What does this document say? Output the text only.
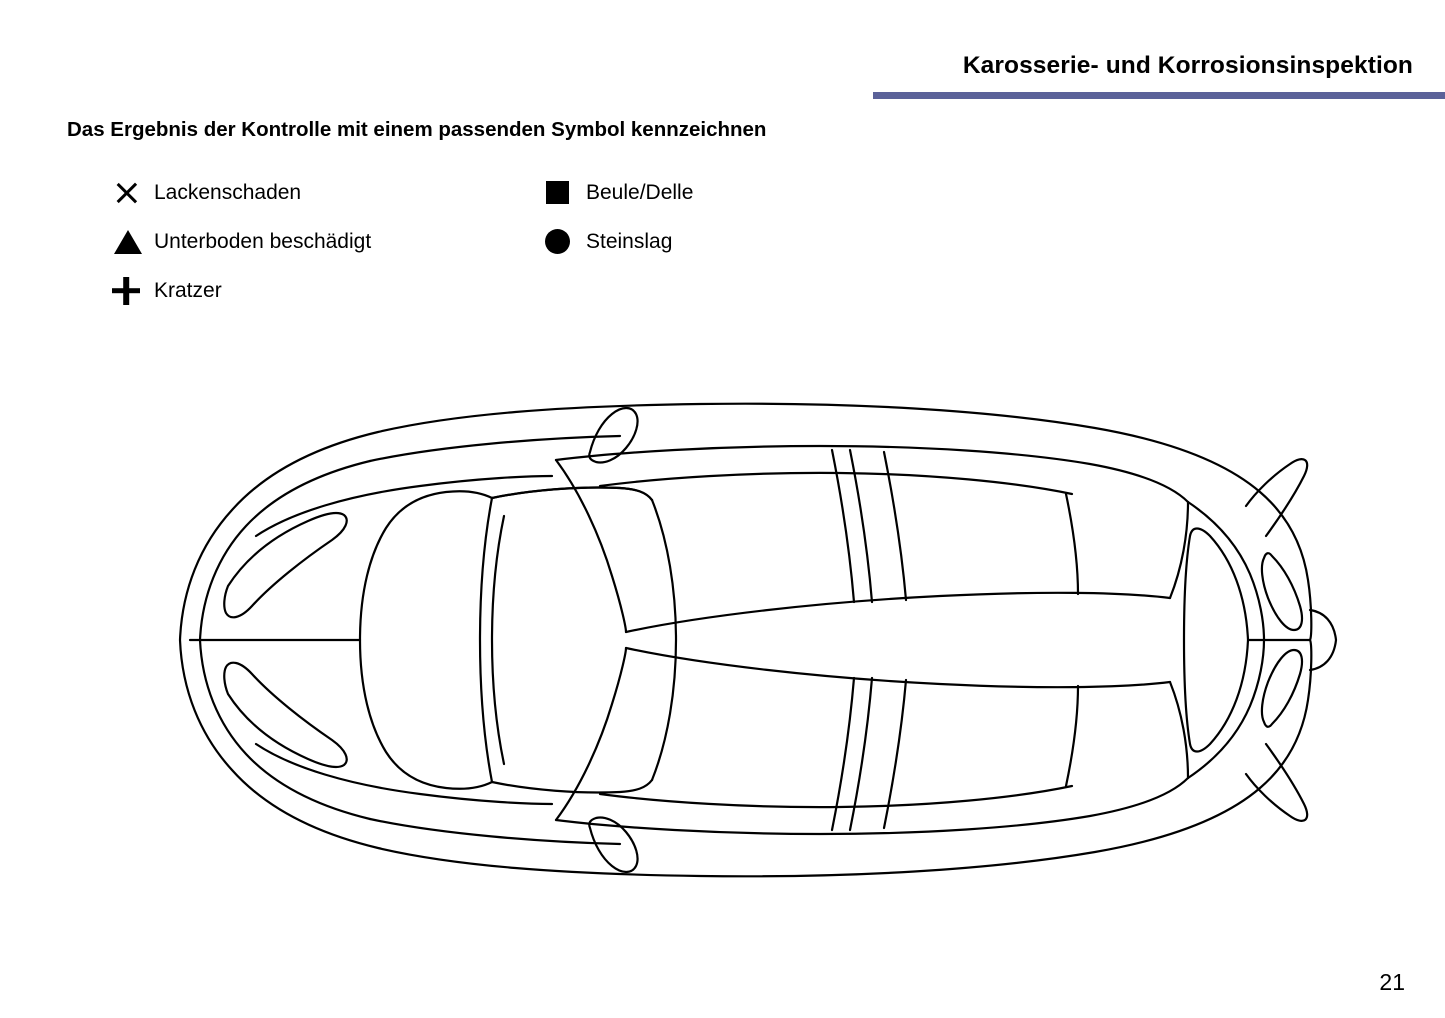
Karosserie- und Korrosionsinspektion
Das Ergebnis der Kontrolle mit einem passenden Symbol kennzeichnen
Lackenschaden
Unterboden beschädigt
Kratzer
Beule/Delle
Steinslag
21
